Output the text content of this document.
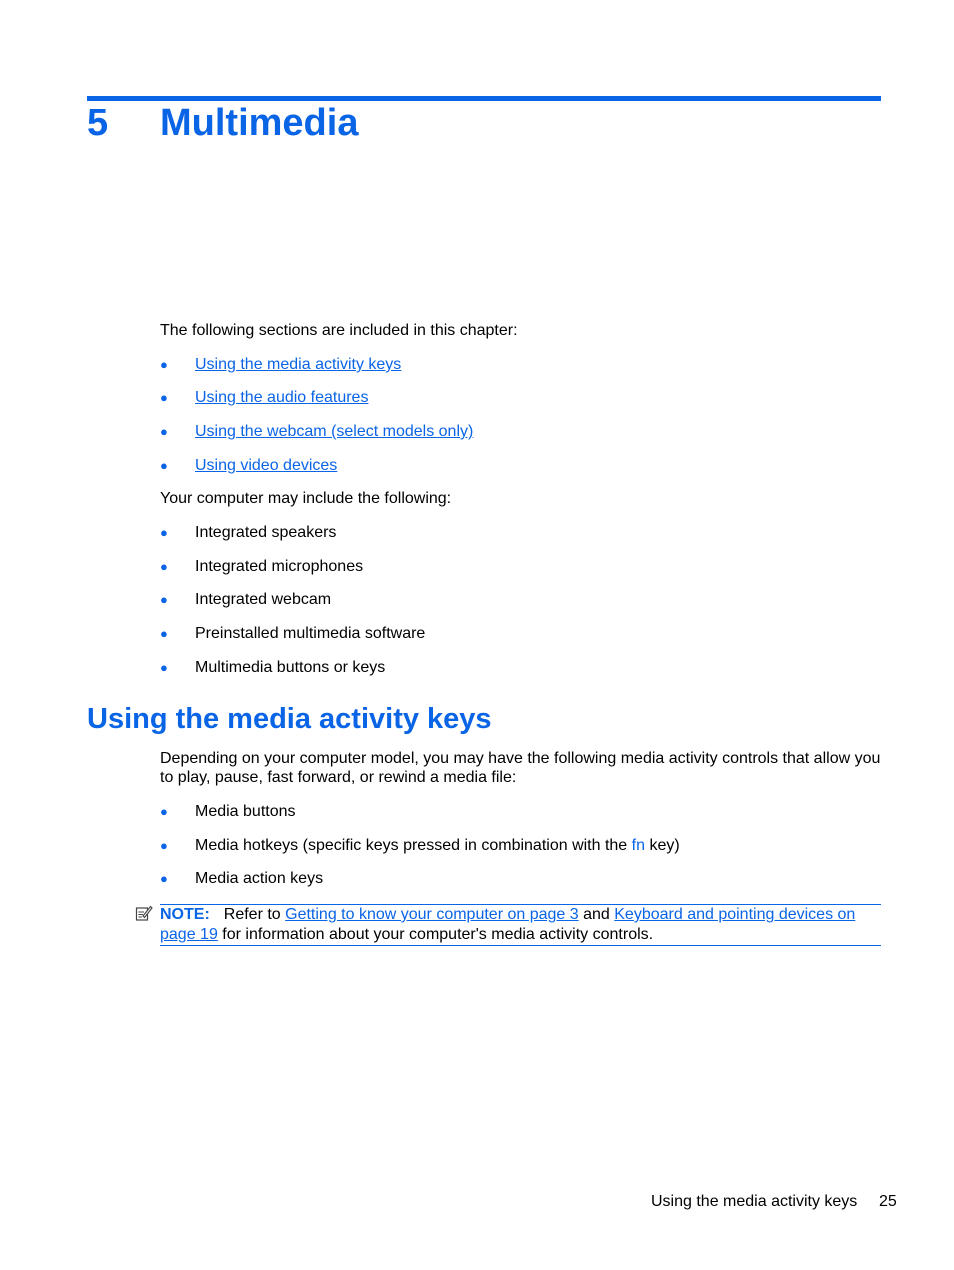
5 Multimedia
The following sections are included in this chapter:
● Using the media activity keys
● Using the audio features
● Using the webcam (select models only)
● Using video devices
Your computer may include the following:
● Integrated speakers
● Integrated microphones
● Integrated webcam
● Preinstalled multimedia software
● Multimedia buttons or keys
Using the media activity keys
Depending on your computer model, you may have the following media activity controls that allow you to play, pause, fast forward, or rewind a media file:
● Media buttons
● Media hotkeys (specific keys pressed in combination with the fn key)
● Media action keys
NOTE: Refer to Getting to know your computer on page 3 and Keyboard and pointing devices on page 19 for information about your computer's media activity controls.
Using the media activity keys 25
